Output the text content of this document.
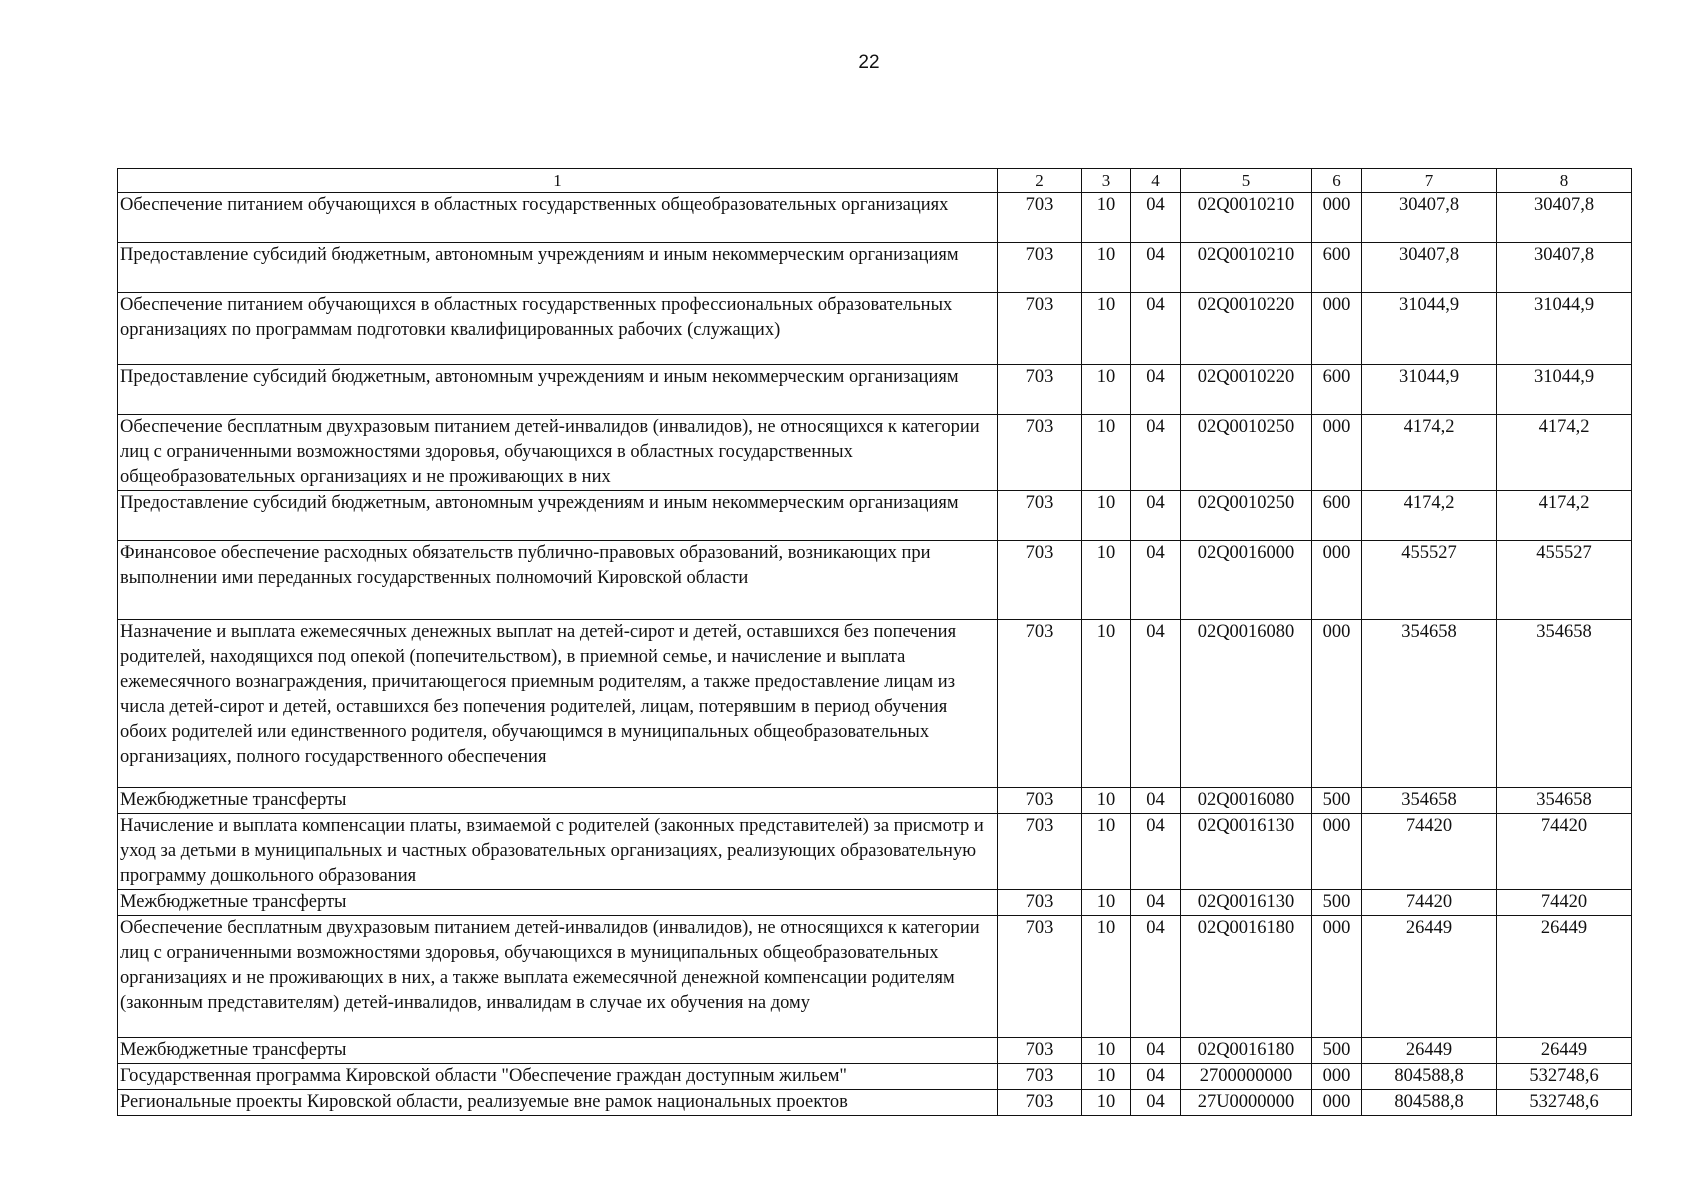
22
1	2	3	4	5	6	7	8
Обеспечение питанием обучающихся в областных государственных общеобразовательных организациях	703	10	04	02Q0010210	000	30407,8	30407,8
Предоставление субсидий бюджетным, автономным учреждениям и иным некоммерческим организациям	703	10	04	02Q0010210	600	30407,8	30407,8
Обеспечение питанием обучающихся в областных государственных профессиональных образовательных организациях по программам подготовки квалифицированных рабочих (служащих)	703	10	04	02Q0010220	000	31044,9	31044,9
Предоставление субсидий бюджетным, автономным учреждениям и иным некоммерческим организациям	703	10	04	02Q0010220	600	31044,9	31044,9
Обеспечение бесплатным двухразовым питанием детей-инвалидов (инвалидов), не относящихся к категории лиц с ограниченными возможностями здоровья, обучающихся в областных государственных общеобразовательных организациях и не проживающих в них	703	10	04	02Q0010250	000	4174,2	4174,2
Предоставление субсидий бюджетным, автономным учреждениям и иным некоммерческим организациям	703	10	04	02Q0010250	600	4174,2	4174,2
Финансовое обеспечение расходных обязательств публично-правовых образований, возникающих при выполнении ими переданных государственных полномочий Кировской области	703	10	04	02Q0016000	000	455527	455527
Назначение и выплата ежемесячных денежных выплат на детей-сирот и детей, оставшихся без попечения родителей, находящихся под опекой (попечительством), в приемной семье, и начисление и выплата ежемесячного вознаграждения, причитающегося приемным родителям, а также предоставление лицам из числа детей-сирот и детей, оставшихся без попечения родителей, лицам, потерявшим в период обучения обоих родителей или единственного родителя, обучающимся в муниципальных общеобразовательных организациях, полного государственного обеспечения	703	10	04	02Q0016080	000	354658	354658
Межбюджетные трансферты	703	10	04	02Q0016080	500	354658	354658
Начисление и выплата компенсации платы, взимаемой с родителей (законных представителей) за присмотр и уход за детьми в муниципальных и частных образовательных организациях, реализующих образовательную программу дошкольного образования	703	10	04	02Q0016130	000	74420	74420
Межбюджетные трансферты	703	10	04	02Q0016130	500	74420	74420
Обеспечение бесплатным двухразовым питанием детей-инвалидов (инвалидов), не относящихся к категории лиц с ограниченными возможностями здоровья, обучающихся в муниципальных общеобразовательных организациях и не проживающих в них, а также выплата ежемесячной денежной компенсации родителям (законным представителям) детей-инвалидов, инвалидам в случае их обучения на дому	703	10	04	02Q0016180	000	26449	26449
Межбюджетные трансферты	703	10	04	02Q0016180	500	26449	26449
Государственная программа Кировской области "Обеспечение граждан доступным жильем"	703	10	04	2700000000	000	804588,8	532748,6
Региональные проекты Кировской области, реализуемые вне рамок национальных проектов	703	10	04	27U0000000	000	804588,8	532748,6
